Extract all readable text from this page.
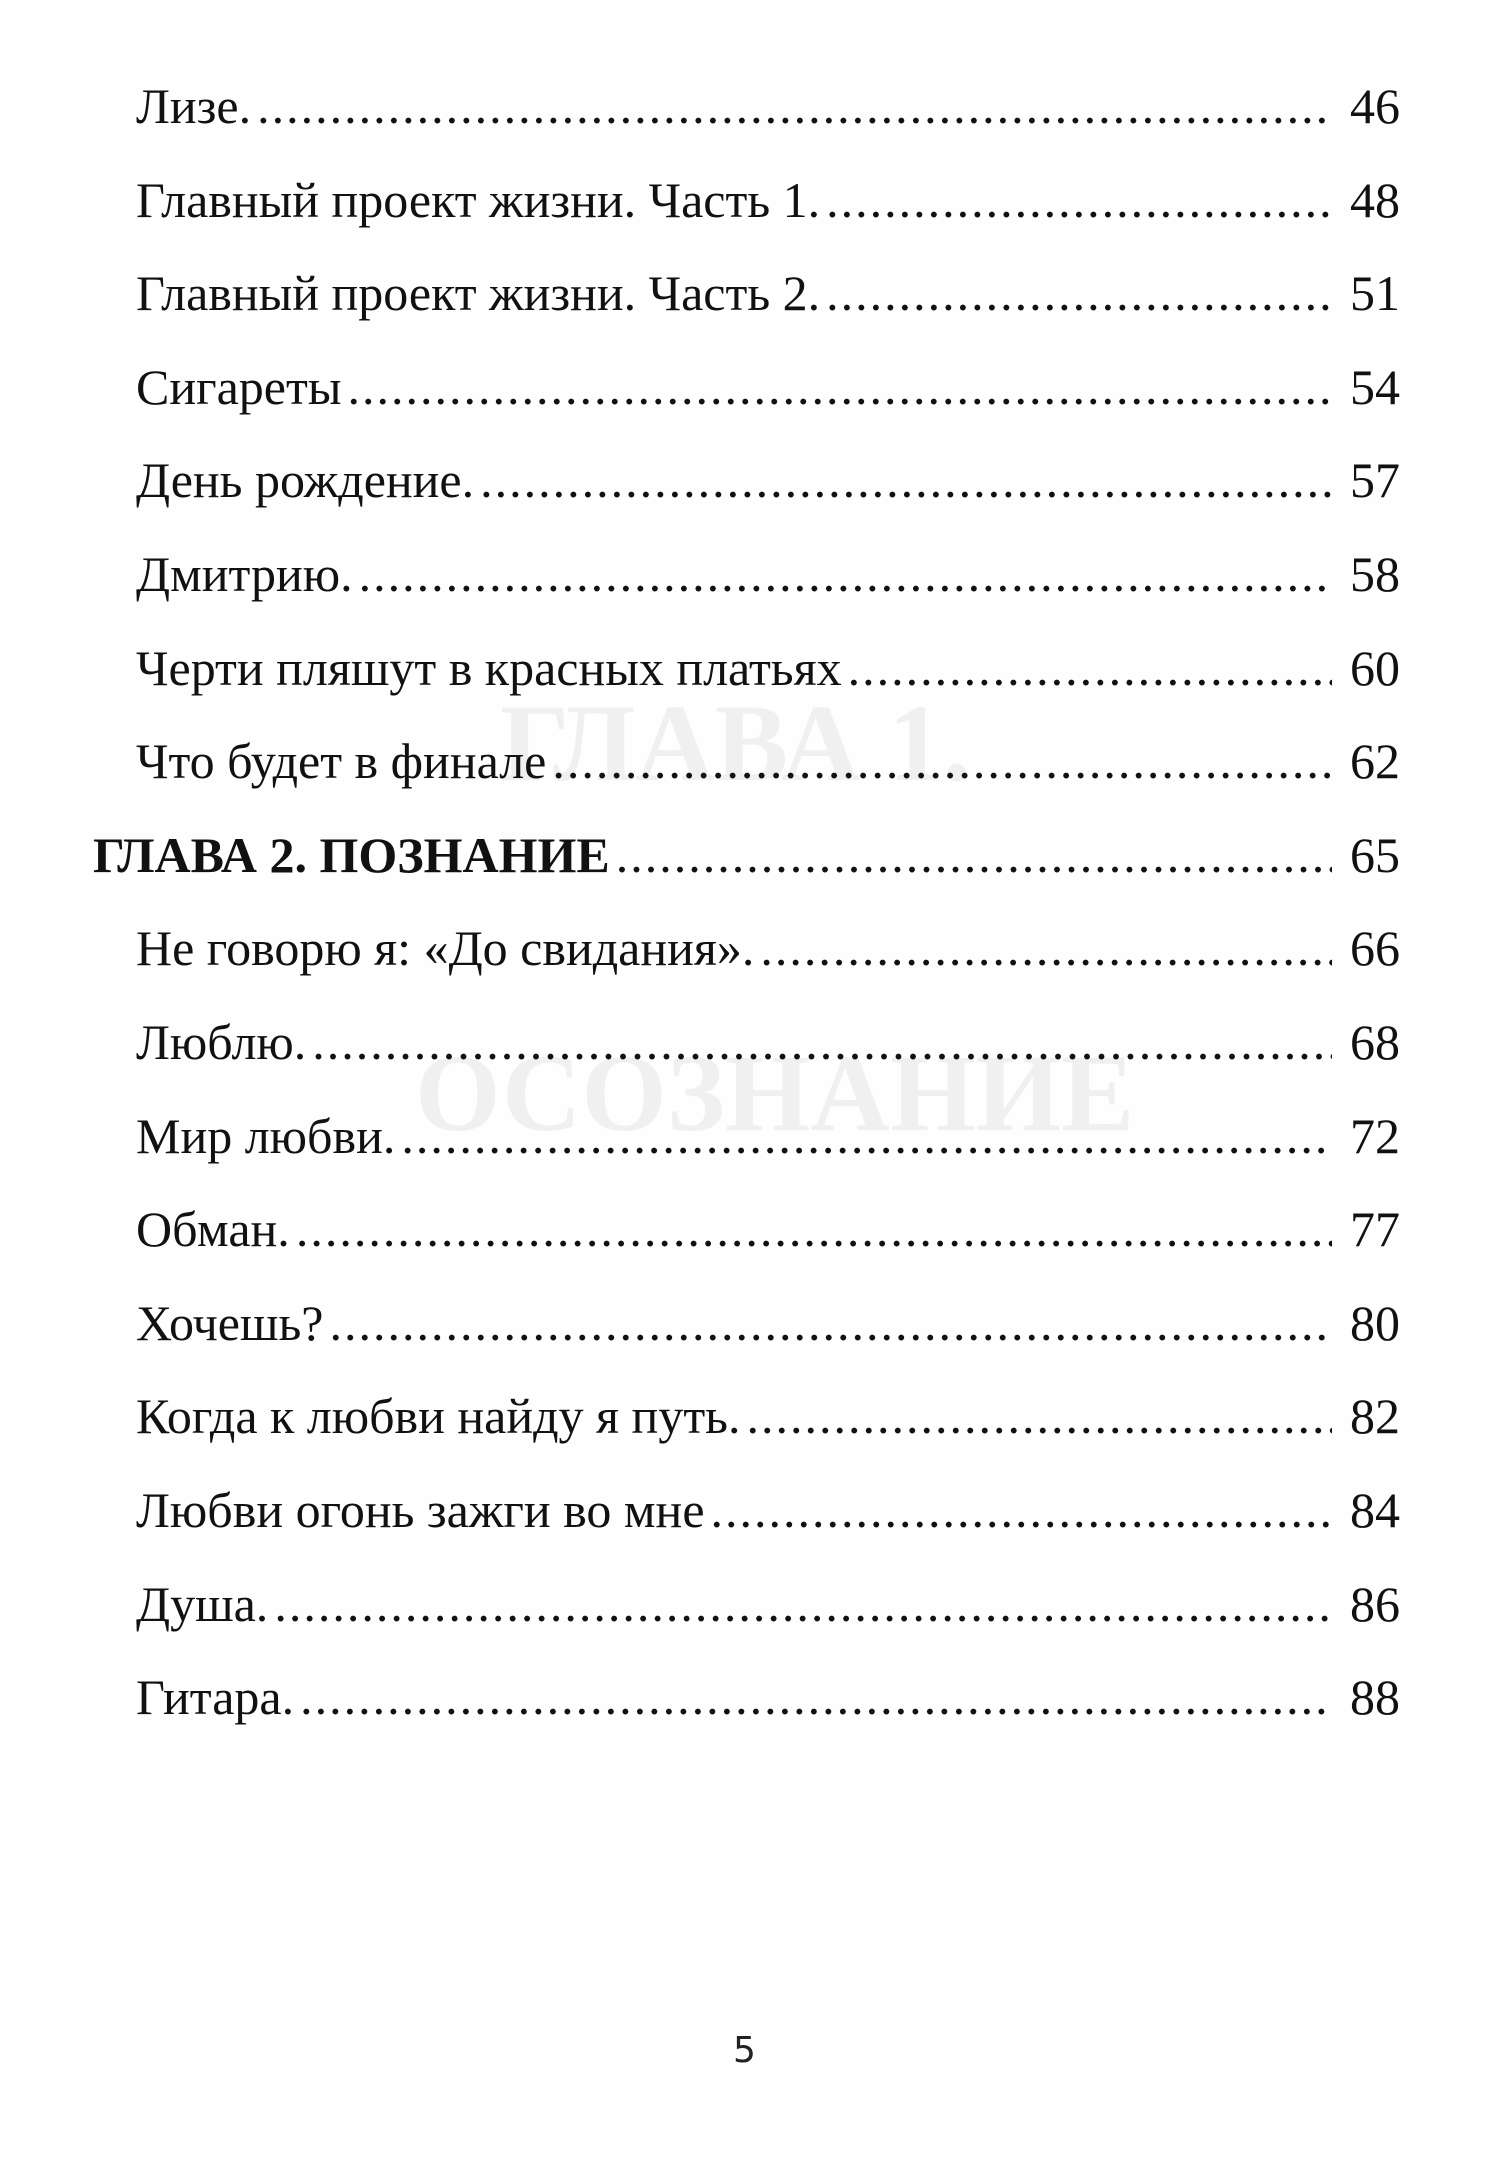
ГЛАВА 1.
ОСОЗНАНИЕ
Лизе. .....	46
Главный проект жизни. Часть 1. .....	48
Главный проект жизни. Часть 2. .....	51
Сигареты .....	54
День рождение. .....	57
Дмитрию. .....	58
Черти пляшут в красных платьях .....	60
Что будет в финале .....	62
ГЛАВА 2. ПОЗНАНИЕ .....	65
Не говорю я: «До свидания». .....	66
Люблю. .....	68
Мир любви. .....	72
Обман. .....	77
Хочешь? .....	80
Когда к любви найду я путь. .....	82
Любви огонь зажги во мне .....	84
Душа. .....	86
Гитара. .....	88
5
